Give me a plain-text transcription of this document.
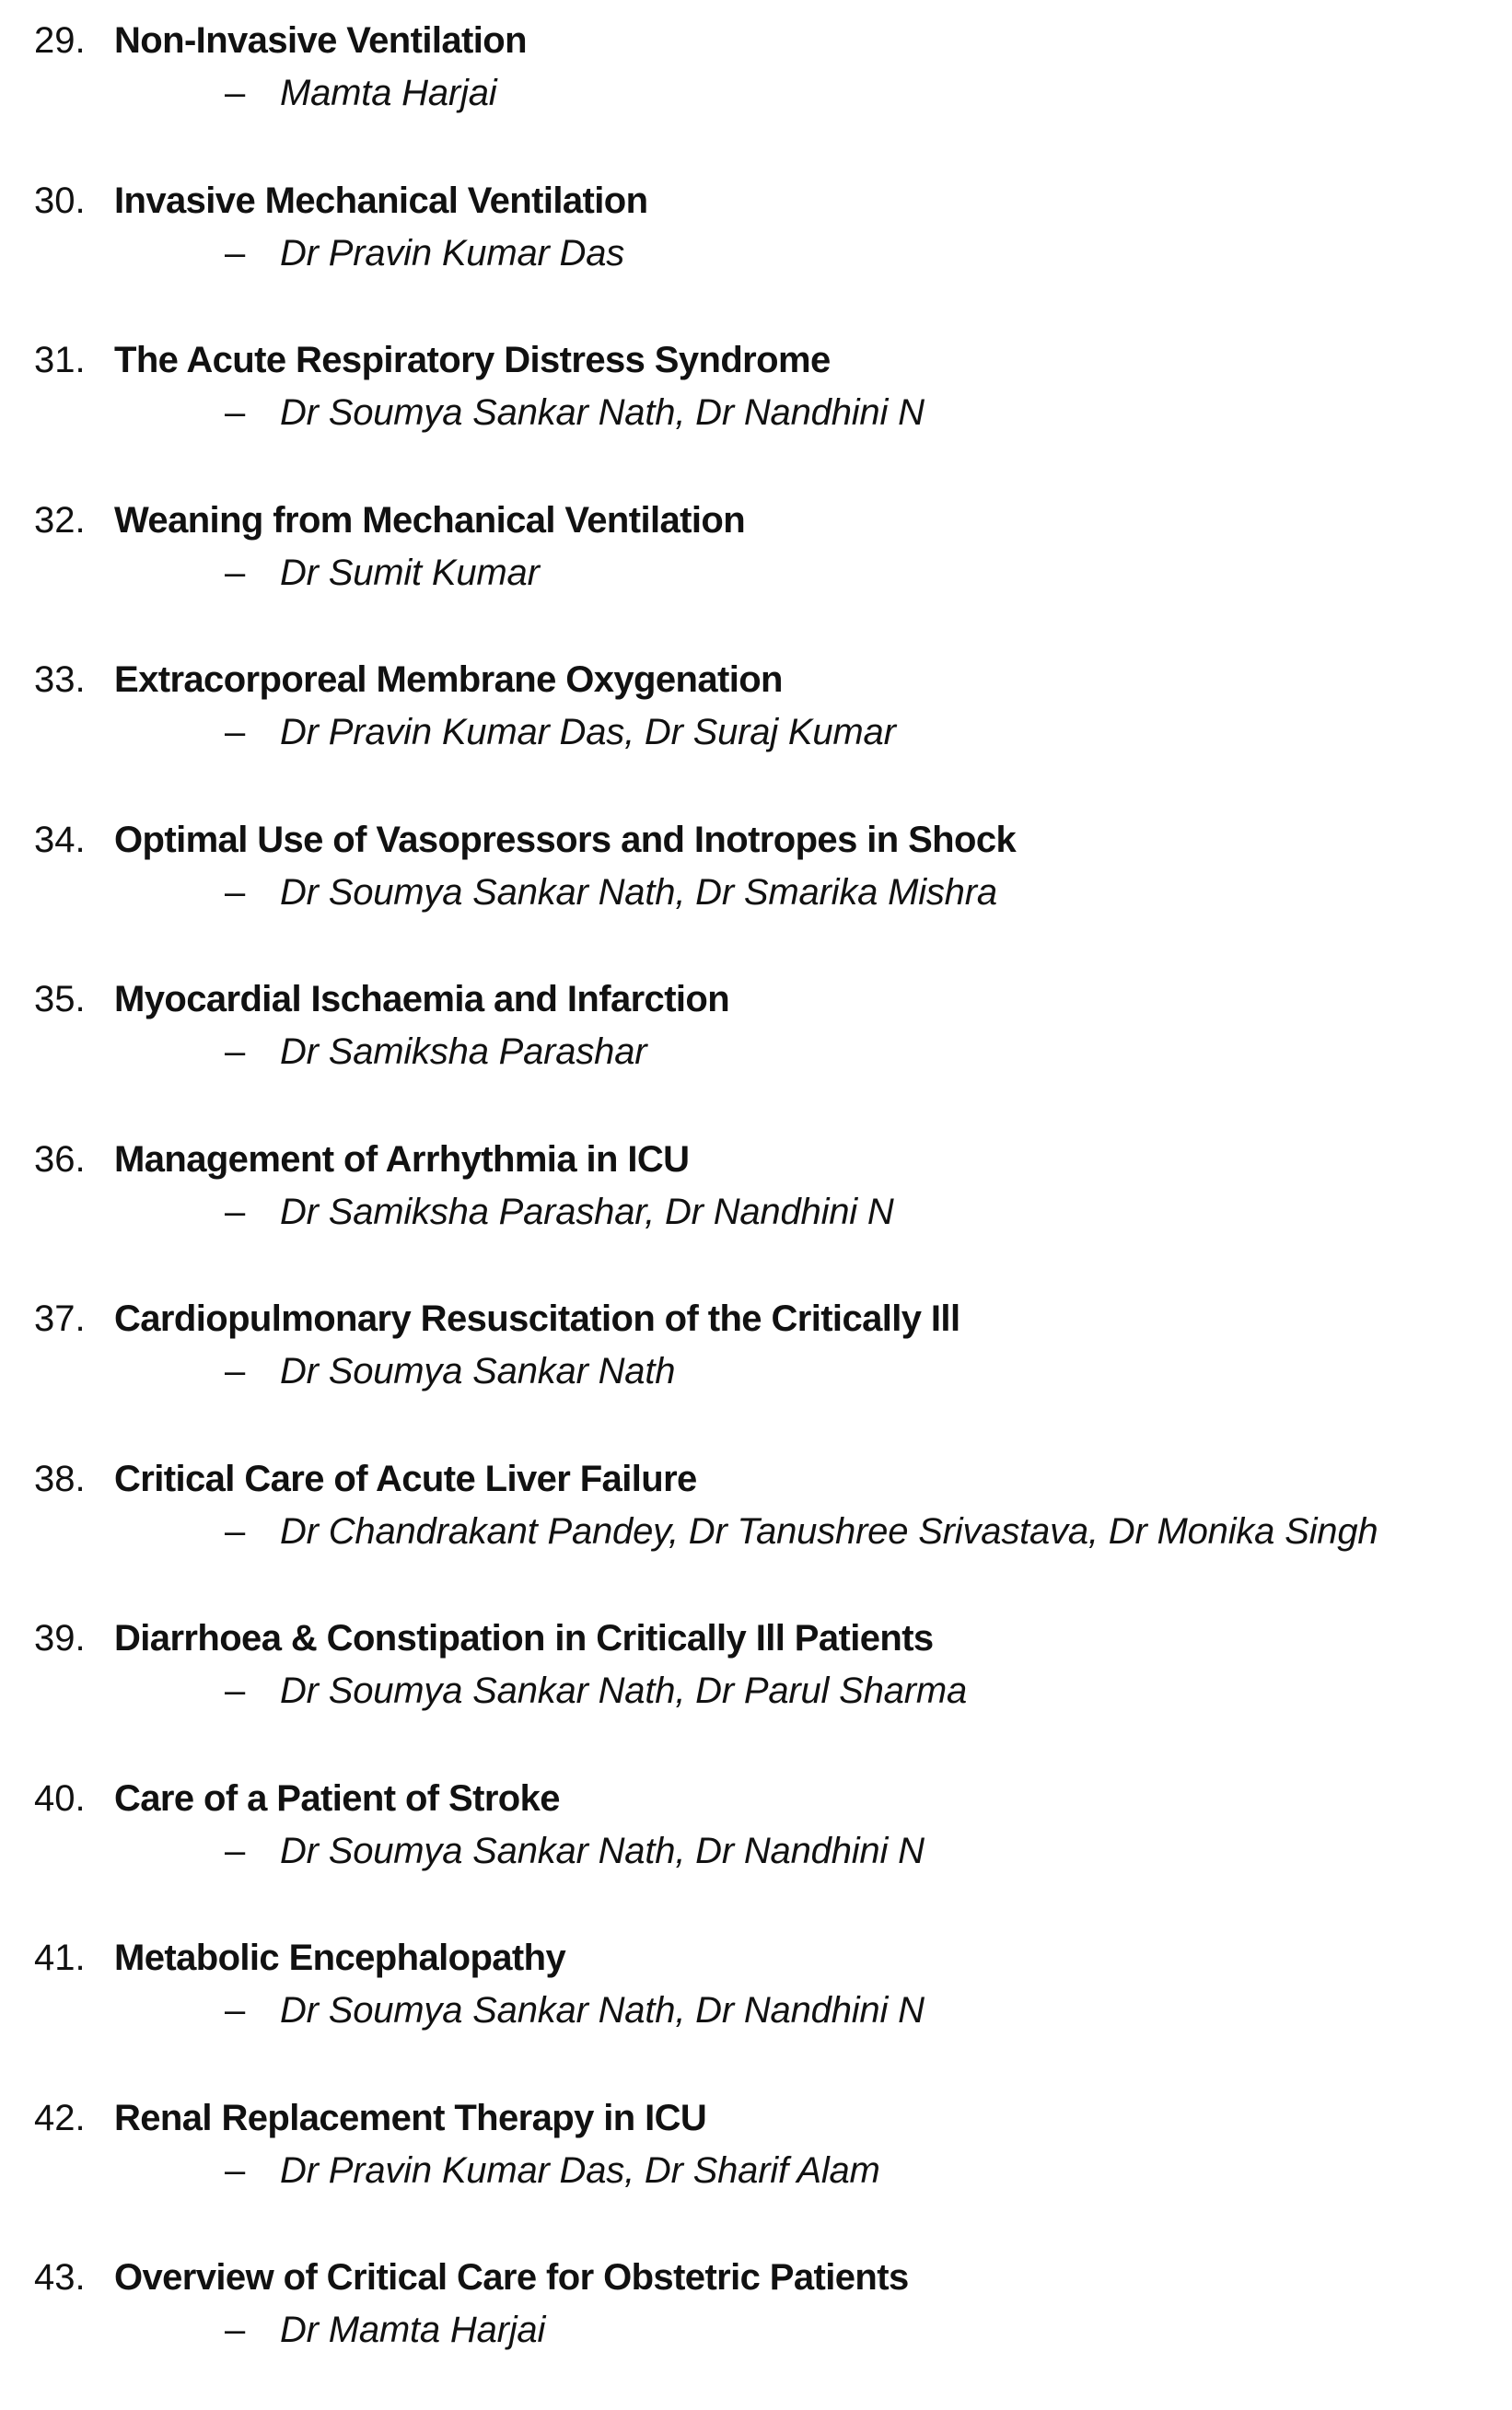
29. Non-Invasive Ventilation
– Mamta Harjai
30. Invasive Mechanical Ventilation
– Dr Pravin Kumar Das
31. The Acute Respiratory Distress Syndrome
– Dr Soumya Sankar Nath, Dr Nandhini N
32. Weaning from Mechanical Ventilation
– Dr Sumit Kumar
33. Extracorporeal Membrane Oxygenation
– Dr Pravin Kumar Das, Dr Suraj Kumar
34. Optimal Use of Vasopressors and Inotropes in Shock
– Dr Soumya Sankar Nath, Dr Smarika Mishra
35. Myocardial Ischaemia and Infarction
– Dr Samiksha Parashar
36. Management of Arrhythmia in ICU
– Dr Samiksha Parashar, Dr Nandhini N
37. Cardiopulmonary Resuscitation of the Critically Ill
– Dr Soumya Sankar Nath
38. Critical Care of Acute Liver Failure
– Dr Chandrakant Pandey, Dr Tanushree Srivastava, Dr Monika Singh
39. Diarrhoea & Constipation in Critically Ill Patients
– Dr Soumya Sankar Nath, Dr Parul Sharma
40. Care of a Patient of Stroke
– Dr Soumya Sankar Nath, Dr Nandhini N
41. Metabolic Encephalopathy
– Dr Soumya Sankar Nath, Dr Nandhini N
42. Renal Replacement Therapy in ICU
– Dr Pravin Kumar Das, Dr Sharif Alam
43. Overview of Critical Care for Obstetric Patients
– Dr Mamta Harjai
